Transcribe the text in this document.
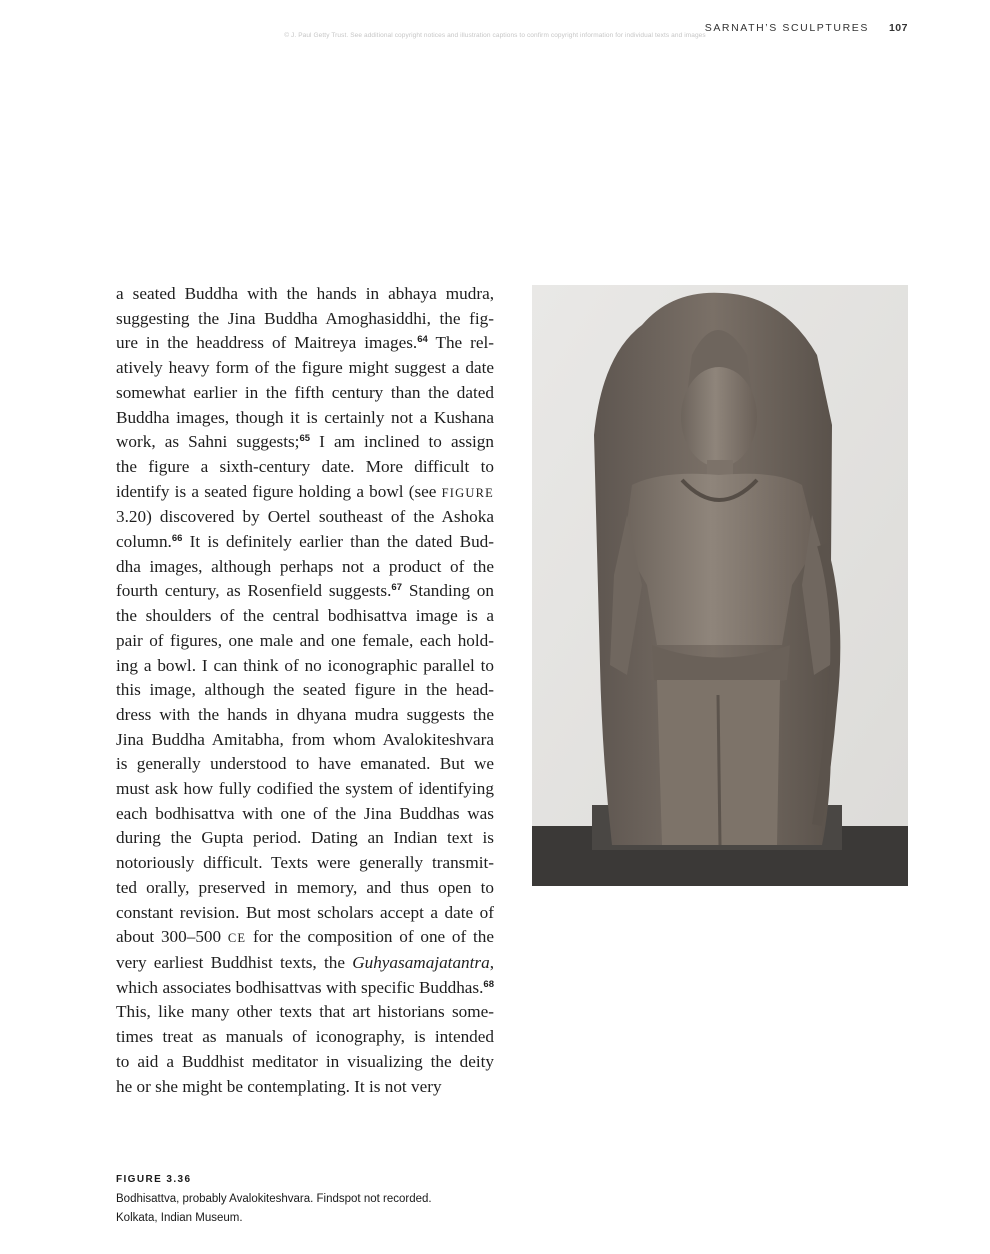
© J. Paul Getty Trust. See additional copyright notices and illustration captions to confirm copyright information for individual texts and images
SARNATH’S SCULPTURES 107
a seated Buddha with the hands in abhaya mudra,
suggesting the Jina Buddha Amoghasiddhi, the fig-
ure in the headdress of Maitreya images.$^{64}$ The rel-
atively heavy form of the figure might suggest a date
somewhat earlier in the fifth century than the dated
Buddha images, though it is certainly not a Kushana
work, as Sahni suggests;$^{65}$ I am inclined to assign
the figure a sixth-century date. More difficult to
identify is a seated figure holding a bowl (see FIGURE
3.20) discovered by Oertel southeast of the Ashoka
column.$^{66}$ It is definitely earlier than the dated Bud-
dha images, although perhaps not a product of the
fourth century, as Rosenfield suggests.$^{67}$ Standing on
the shoulders of the central bodhisattva image is a
pair of figures, one male and one female, each hold-
ing a bowl. I can think of no iconographic parallel to
this image, although the seated figure in the head-
dress with the hands in dhyana mudra suggests the
Jina Buddha Amitabha, from whom Avalokiteshvara
is generally understood to have emanated. But we
must ask how fully codified the system of identifying
each bodhisattva with one of the Jina Buddhas was
during the Gupta period. Dating an Indian text is
notoriously difficult. Texts were generally transmit-
ted orally, preserved in memory, and thus open to
constant revision. But most scholars accept a date of
about 300–500 CE for the composition of one of the
very earliest Buddhist texts, the Guhyasamajatantra,
which associates bodhisattvas with specific Buddhas.$^{68}$
This, like many other texts that art historians some-
times treat as manuals of iconography, is intended
to aid a Buddhist meditator in visualizing the deity
he or she might be contemplating. It is not very
FIGURE 3.36
Bodhisattva, probably Avalokiteshvara. Findspot not recorded.
Kolkata, Indian Museum.
